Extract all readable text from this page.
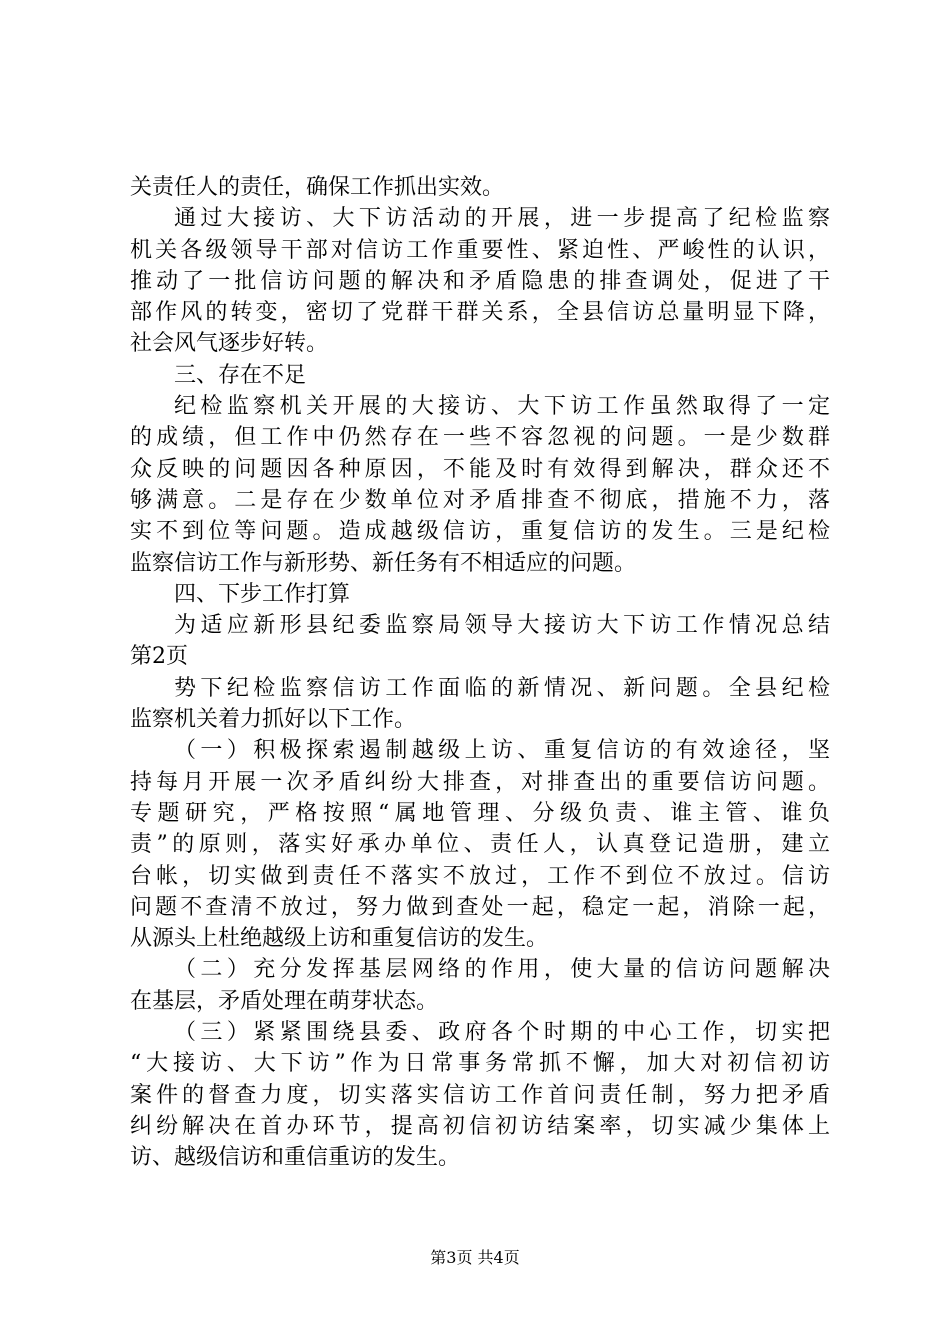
关责任人的责任，确保工作抓出实效。
通过大接访、大下访活动的开展，进一步提高了纪检监察
机关各级领导干部对信访工作重要性、紧迫性、严峻性的认识，
推动了一批信访问题的解决和矛盾隐患的排查调处，促进了干
部作风的转变，密切了党群干群关系，全县信访总量明显下降，
社会风气逐步好转。
三、存在不足
纪检监察机关开展的大接访、大下访工作虽然取得了一定
的成绩，但工作中仍然存在一些不容忽视的问题。一是少数群
众反映的问题因各种原因，不能及时有效得到解决，群众还不
够满意。二是存在少数单位对矛盾排查不彻底，措施不力，落
实不到位等问题。造成越级信访，重复信访的发生。三是纪检
监察信访工作与新形势、新任务有不相适应的问题。
四、下步工作打算
为适应新形县纪委监察局领导大接访大下访工作情况总结
第2页
势下纪检监察信访工作面临的新情况、新问题。全县纪检
监察机关着力抓好以下工作。
（一）积极探索遏制越级上访、重复信访的有效途径，坚
持每月开展一次矛盾纠纷大排查，对排查出的重要信访问题。
专题研究，严格按照“属地管理、分级负责、谁主管、谁负
责”的原则，落实好承办单位、责任人，认真登记造册，建立
台帐，切实做到责任不落实不放过，工作不到位不放过。信访
问题不查清不放过，努力做到查处一起，稳定一起，消除一起，
从源头上杜绝越级上访和重复信访的发生。
（二）充分发挥基层网络的作用，使大量的信访问题解决
在基层，矛盾处理在萌芽状态。
（三）紧紧围绕县委、政府各个时期的中心工作，切实把
“大接访、大下访”作为日常事务常抓不懈，加大对初信初访
案件的督查力度，切实落实信访工作首问责任制，努力把矛盾
纠纷解决在首办环节，提高初信初访结案率，切实减少集体上
访、越级信访和重信重访的发生。
第3页 共4页
